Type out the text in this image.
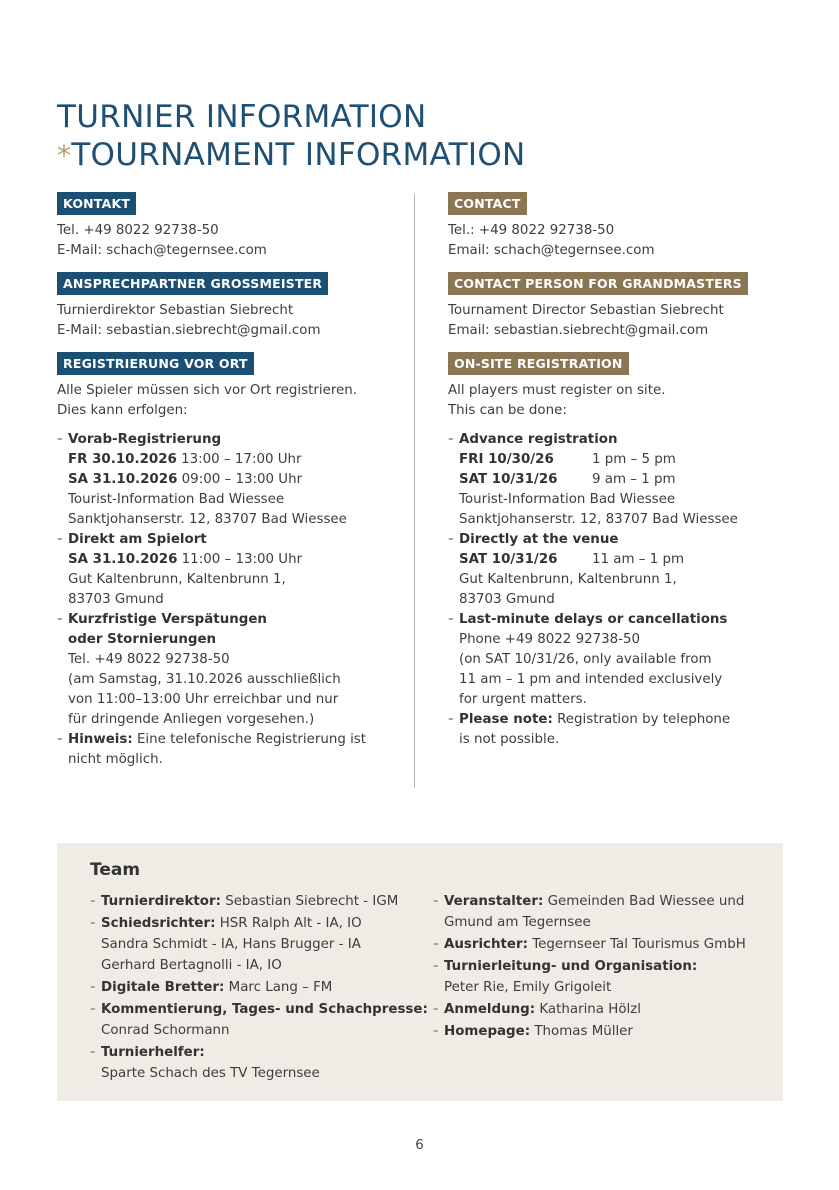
TURNIER INFORMATION
*TOURNAMENT INFORMATION
KONTAKT
Tel. +49 8022 92738-50
E-Mail: schach@tegernsee.com
ANSPRECHPARTNER GROSSMEISTER
Turnierdirektor Sebastian Siebrecht
E-Mail: sebastian.siebrecht@gmail.com
REGISTRIERUNG VOR ORT
Alle Spieler müssen sich vor Ort registrieren.
Dies kann erfolgen:
- Vorab-Registrierung
FR 30.10.2026 13:00 – 17:00 Uhr
SA 31.10.2026 09:00 – 13:00 Uhr
Tourist-Information Bad Wiessee
Sanktjohanserstr. 12, 83707 Bad Wiessee
- Direkt am Spielort
SA 31.10.2026 11:00 – 13:00 Uhr
Gut Kaltenbrunn, Kaltenbrunn 1,
83703 Gmund
- Kurzfristige Verspätungen
oder Stornierungen
Tel. +49 8022 92738-50
(am Samstag, 31.10.2026 ausschließlich
von 11:00–13:00 Uhr erreichbar und nur
für dringende Anliegen vorgesehen.)
- Hinweis: Eine telefonische Registrierung ist
nicht möglich.
CONTACT
Tel.: +49 8022 92738-50
Email: schach@tegernsee.com
CONTACT PERSON FOR GRANDMASTERS
Tournament Director Sebastian Siebrecht
Email: sebastian.siebrecht@gmail.com
ON-SITE REGISTRATION
All players must register on site.
This can be done:
- Advance registration
FRI 10/30/26	1 pm – 5 pm
SAT 10/31/26	9 am – 1 pm
Tourist-Information Bad Wiessee
Sanktjohanserstr. 12, 83707 Bad Wiessee
- Directly at the venue
SAT 10/31/26	11 am – 1 pm
Gut Kaltenbrunn, Kaltenbrunn 1,
83703 Gmund
- Last-minute delays or cancellations
Phone +49 8022 92738-50
(on SAT 10/31/26, only available from
11 am – 1 pm and intended exclusively
for urgent matters.
- Please note: Registration by telephone
is not possible.
Team
- Turnierdirektor: Sebastian Siebrecht - IGM
- Schiedsrichter: HSR Ralph Alt - IA, IO
Sandra Schmidt - IA, Hans Brugger - IA
Gerhard Bertagnolli - IA, IO
- Digitale Bretter: Marc Lang – FM
- Kommentierung, Tages- und Schachpresse:
Conrad Schormann
- Turnierhelfer:
Sparte Schach des TV Tegernsee
- Veranstalter: Gemeinden Bad Wiessee und
Gmund am Tegernsee
- Ausrichter: Tegernseer Tal Tourismus GmbH
- Turnierleitung- und Organisation:
Peter Rie, Emily Grigoleit
- Anmeldung: Katharina Hölzl
- Homepage: Thomas Müller
6
